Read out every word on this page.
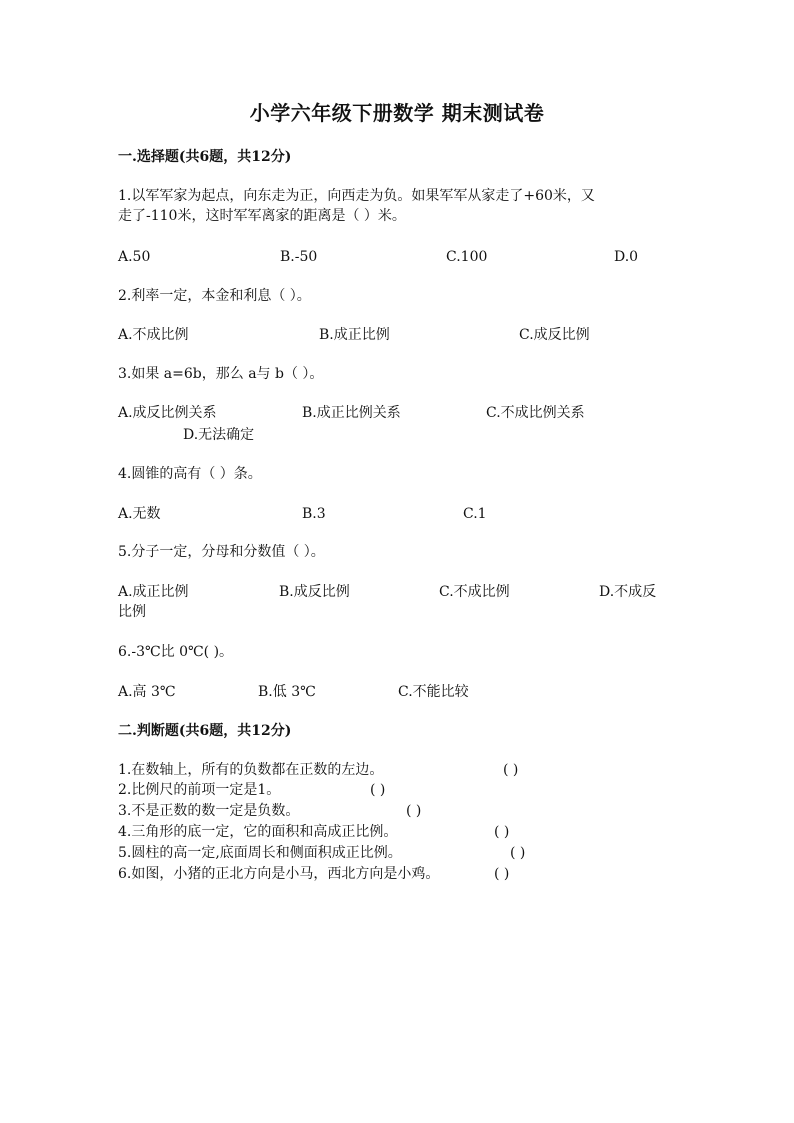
小学六年级下册数学 期末测试卷
一.选择题(共6题，共12分)
1.以军军家为起点，向东走为正，向西走为负。如果军军从家走了+60米，又
走了-110米，这时军军离家的距离是（ ）米。
A.50	B.-50	C.100	D.0
2.利率一定，本金和利息（ ）。
A.不成比例	B.成正比例	C.成反比例
3.如果 a=6b，那么 a与 b（ ）。
A.成反比例关系	B.成正比例关系	C.不成比例关系
D.无法确定
4.圆锥的高有（ ）条。
A.无数	B.3	C.1
5.分子一定，分母和分数值（ ）。
A.成正比例	B.成反比例	C.不成比例	D.不成反
比例
6.-3℃比 0℃( )。
A.高 3℃	B.低 3℃	C.不能比较
二.判断题(共6题，共12分)
1.在数轴上，所有的负数都在正数的左边。	( )
2.比例尺的前项一定是1。	( )
3.不是正数的数一定是负数。	( )
4.三角形的底一定，它的面积和高成正比例。	( )
5.圆柱的高一定,底面周长和侧面积成正比例。	( )
6.如图，小猪的正北方向是小马，西北方向是小鸡。	( )
